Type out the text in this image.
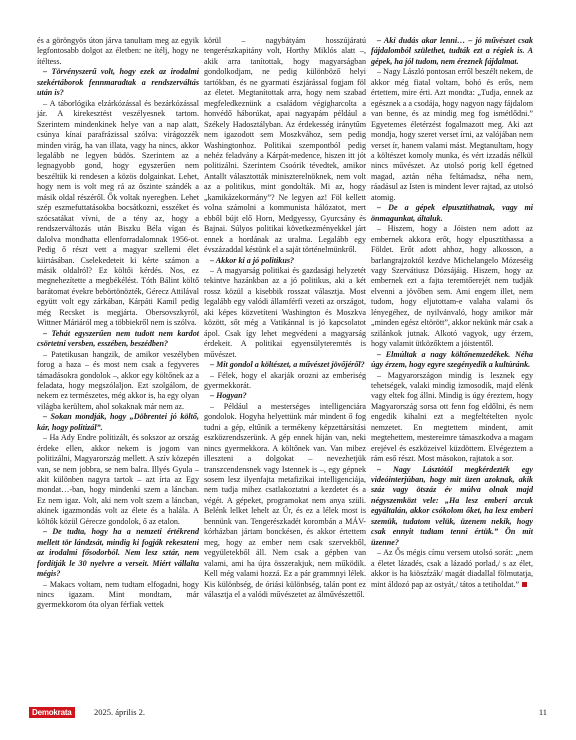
és a göröngyös úton járva tanultam meg az egyik legfontosabb dolgot az életben: ne ítélj, hogy ne ítéltess.

– Törvényszerű volt, hogy ezek az irodalmi szekértáborok fennmaradtak a rendszerváltás után is?

– A táborlógika elzárkózással és bezárkózással jár. A kirekesztést veszélyesnek tartom. Szerintem mindenkinek helye van a nap alatt, csúnya kínai parafrázissal szólva: virágozzék minden virág, ha van illata, vagy ha nincs, akkor legalább ne legyen büdös. Szerintem az a legnagyobb gond, hogy egyszerűen nem beszéltük ki rendesen a közös dolgainkat. Lehet, hogy nem is volt meg rá az őszinte szándék a másik oldal részéről. Ők voltak nyeregben. Lehet szép eszmefuttatásokba bocsátkozni, esszéket és szócsatákat vívni, de a tény az, hogy a rendszerváltozás után Biszku Béla vígan és dalolva mondhatta ellenforradalomnak 1956-ot. Pedig ő részt vett a magyar szellemi élet kiirtásában. Cselekedeteit ki kérte számon a másik oldalról? Ez költői kérdés. Nos, ez megnehezítette a megbékélést. Tóth Bálint költő barátomat évekre bebörtönözték, Gérecz Attilával együtt volt egy zárkában, Kárpáti Kamil pedig még Recsket is megjárta. Obersovszkyról, Wittner Máriáról meg a többiekről nem is szólva.

– Tehát egyszerűen nem tudott nem kardot csörtetni versben, esszében, beszédben?

– Patetikusan hangzik, de amikor veszélyben forog a haza – és most nem csak a fegyveres támadásokra gondolok –, akkor egy költőnek az a feladata, hogy megszólaljon. Ezt szolgálom, de nekem ez természetes, még akkor is, ha egy olyan világba kerültem, ahol sokaknak már nem az.

– Sokan mondják, hogy „Döbrentei jó költő, kár, hogy politizál”.

– Ha Ady Endre politizált, és sokszor az ország érdeke ellen, akkor nekem is jogom van politizálni, Magyarország mellett. A szív közepén van, se nem jobbra, se nem balra. Illyés Gyula – akit különben nagyra tartok – azt írta az Egy mondat…-ban, hogy mindenki szem a láncban. Ez nem igaz. Volt, aki nem volt szem a láncban, akinek igazmondás volt az élete és a halála. A költők közül Gérecze gondolok, ő az etalon.

– De tudta, hogy ha a nemzeti értékrend mellett tör lándzsát, mindig ki fogják rekeszteni az irodalmi fősodorból. Nem lesz sztár, nem fordítják le 30 nyelvre a verseit. Miért vállalta mégis?

– Makacs voltam, nem tudtam elfogadni, hogy nincs igazam. Mint mondtam, már gyermekkorom óta olyan férfiak vettek

körül – nagybátyám hosszújáratú tengerészkapitány volt, Horthy Miklós alatt –, akik arra tanítottak, hogy magyarságban gondolkodjam, ne pedig különböző helyi tartókban, és ne gyarmati észjárással fogjam föl az életet. Megtanítottak arra, hogy nem szabad megfeledkeznünk a családom végigharcolta a honvédő háborúkat, apai nagyapám például a Székely Hadosztályban. Az érdekesség iránytűm nem igazodott sem Moszkvához, sem pedig Washingtonhoz. Politikai szempontból pedig nehéz feladvány a Kárpát-medence, hiszen itt jót politizálni. Szerintem Csoórik tévedtek, amikor Antallt választották miniszterelnöknek, nem volt az a politikus, mint gondolták. Mi az, hogy „kamikázekormány”? Ne legyen az! Föl kellett volna számolni a kommunista hálózatot, mert ebből bújt elő Horn, Medgyessy, Gyurcsány és Bajnai. Súlyos politikai következményekkel járt ennek a hordának az uralma. Legalább egy évszázaddal késtünk el a saját történelmünkről.

– Akkor ki a jó politikus?

– A magyarság politikai és gazdasági helyzetét tekintve hazánkban az a jó politikus, aki a két rossz közül a kisebbik rosszat választja. Most legalább egy valódi államférfi vezeti az országot, aki képes közvetíteni Washington és Moszkva között, sőt még a Vatikánnal is jó kapcsolatot ápol. Csak így lehet megvédeni a magyarság érdekeit. A politikai egyensúlyteremtés is művészet.

– Mit gondol a költészet, a művészet jövőjéről?

– Félek, hogy el akarják orozni az emberiség gyermekkorát.

– Hogyan?

– Például a mesterséges intelligenciára gondolok. Hogyha helyettünk már mindent ő fog tudni a gép, eltűnik a termékeny képzettársítási eszközrendszerünk. A gép ennek híján van, neki nincs gyermekkora. A költőnek van. Van mibez illeszteni a dolgokat – nevezhetjük transzcendensnek vagy Istennek is –, egy gépnek sosem lesz ilyenfajta metafizikai intelligenciája, nem tudja mihez csatlakoztatni a kezdetet és a végét. A gépeket, programokat nem anya szüli. Belénk lelket lehelt az Úr, és ez a lélek most is bennünk van. Tengerészkadét korombán a MÁV-kórházban jártam bonckésen, és akkor értettem meg, hogy az ember nem csak szervekből, vegyületekből áll. Nem csak a gépben van valami, ami ha újra összerakjuk, nem működik. Kell még valami hozzá. Ez a pár grammnyi lélek. Kis különbség, de óriási különbség, talán pont ez választja el a valódi művészetet az álművészettől.

– Aki dudás akar lenni… – jó művészet csak fájdalomból születhet, tudták ezt a régiek is. A gépek, ha jól tudom, nem éreznek fájdalmat.

– Nagy László pontosan erről beszélt nekem, de akkor még fiatal voltam, bohó és erős, nem értettem, mire érti. Azt mondta: „Tudja, ennek az egésznek a a csodája, hogy nagyon nagy fájdalom van benne, és az mindig meg fog ismétlődni.” Egyetemes életérzést fogalmazott meg. Aki azt mondja, hogy szeret verset írni, az valójában nem verset ír, hanem valami mást. Megtanultam, hogy a költészet komoly munka, és vért izzadás nélkül nincs művészet. Az utolsó porig kell égetned magad, aztán néha feltámadsz, néha nem, ráadásul az Isten is mindent lever rajtad, az utolsó atomig.

– De a gépek elpusztíthatnak, vagy mi önmagunkat, általuk.

– Hiszem, hogy a Jóisten nem adott az embernek akkora erőt, hogy elpusztíthassa a Földet. Erőt adott ahhoz, hogy alkosson, a barlangrajzoktól kezdve Michelangelo Mózeséig vagy Szervátiusz Dózsájáig. Hiszem, hogy az embernek ezt a fajta teremtőerejét nem tudják elvenni a jövőben sem. Ami engem illet, nem tudom, hogy eljutottam-e valaha valami ős lényegéhez, de nyilvánvaló, hogy amikor már „minden egész eltörött”, akkor nekünk már csak a szilánkok jutnak. Alkotó vagyok, ugy érzem, hogy valamit ütközőktem a jóistentől.

– Elmúltak a nagy költőnemzedékek. Néha úgy érzem, hogy egyre szegényedik a kultúránk.

– Magyarországon mindig is lesznek egy tehetségek, valaki mindig izmosodik, majd elénk vagy eltek fog állni. Mindig is úgy éreztem, hogy Magyarország sorsa ott fenn fog eldőlni, és nem engedik kihalni ezt a megfeltételten nyolc nemzetet. En megtettem mindent, amit megtehettem, mestereimre támaszkodva a magam erejével és eszközeivel küzdöttem. Elvégeztem a rám eső részt. Most másokon, rajtatok a sor.

– Nagy Lásztótól megkérdezték egy videóinterjúban, hogy mit üzen azoknak, akik száz vagy ötszáz év múlva olnak majd négyszemközt vele: „Ha lesz emberi arcuk egyáltalán, akkor csókolom őket, ha lesz emberi szemük, tudatom velük, üzenem nekik, hogy csak ennyit tudtam tenni értük.” Ön mit üzenne?

– Az Ős mégis címu versem utolsó sorát: „nem a életet lázadés, csak a lázadó porlad,/ s az élet, akkor is ha kiöszt́zák/ magát diadallal fölmutatja, mint áldozó pap az ostyát,/ tátos a tetiholdat.”

Demokrata	2025. április 2.	11
